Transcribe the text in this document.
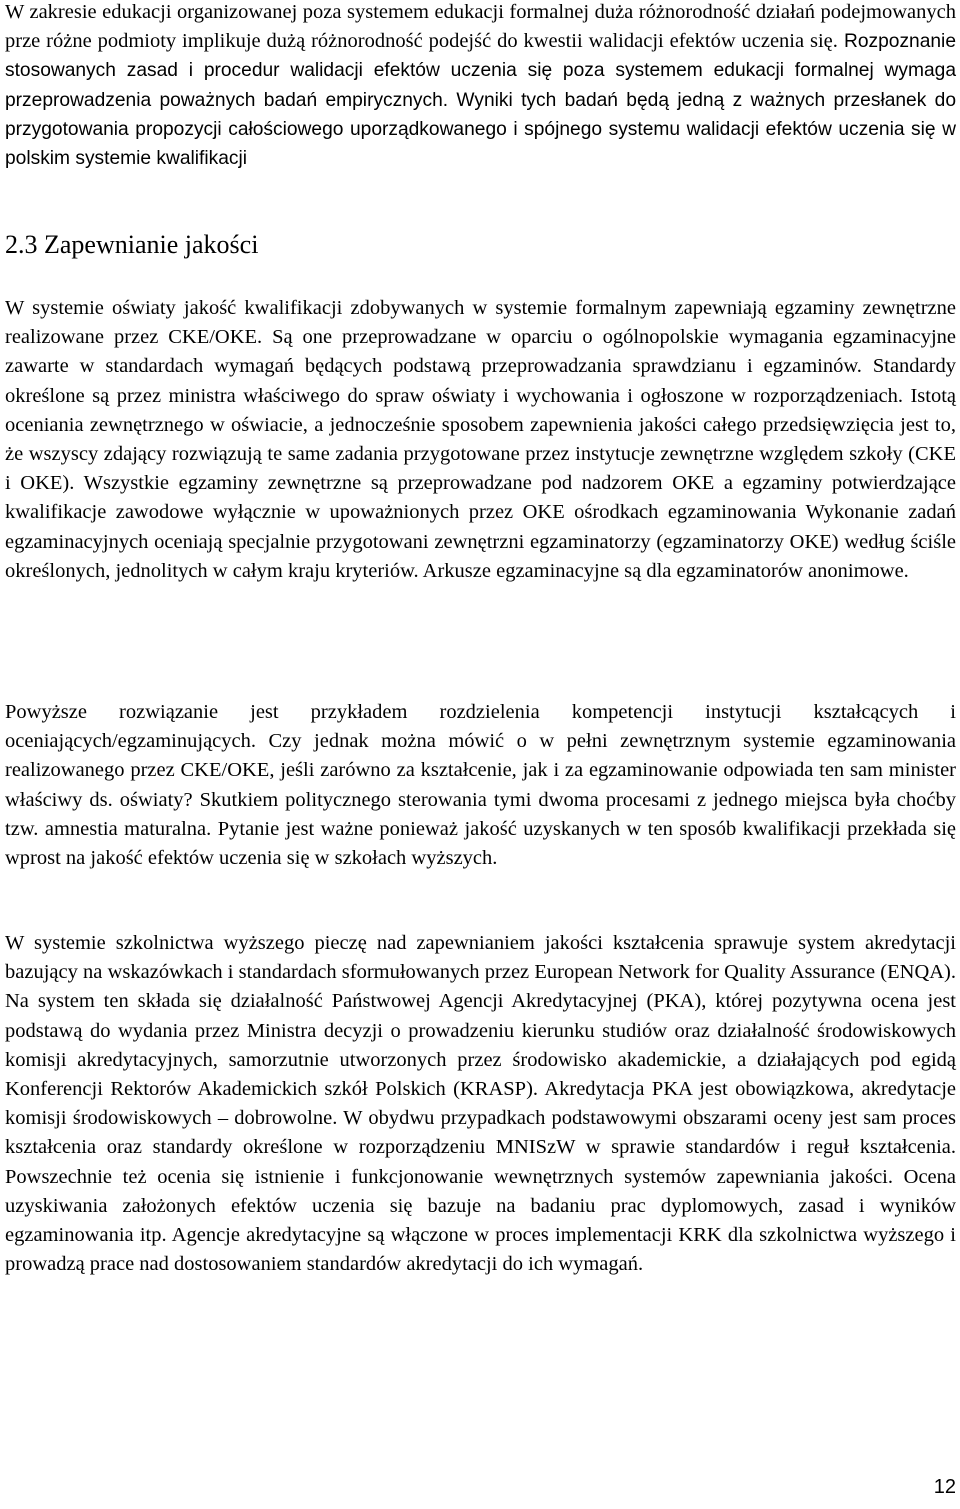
W zakresie edukacji organizowanej poza systemem edukacji formalnej duża różnorodność działań podejmowanych prze różne podmioty implikuje dużą różnorodność podejść do kwestii walidacji efektów uczenia się. Rozpoznanie stosowanych zasad i procedur walidacji efektów uczenia się poza systemem edukacji formalnej wymaga przeprowadzenia poważnych badań empirycznych. Wyniki tych badań będą jedną z ważnych przesłanek do przygotowania propozycji całościowego uporządkowanego i spójnego systemu walidacji efektów uczenia się w polskim systemie kwalifikacji

2.3 Zapewnianie jakości

W systemie oświaty jakość kwalifikacji zdobywanych w systemie formalnym zapewniają egzaminy zewnętrzne realizowane przez CKE/OKE. Są one przeprowadzane w oparciu o ogólnopolskie wymagania egzaminacyjne zawarte w standardach wymagań będących podstawą przeprowadzania sprawdzianu i egzaminów. Standardy określone są przez ministra właściwego do spraw oświaty i wychowania i ogłoszone w rozporządzeniach. Istotą oceniania zewnętrznego w oświacie, a jednocześnie sposobem zapewnienia jakości całego przedsięwzięcia jest to, że wszyscy zdający rozwiązują te same zadania przygotowane przez instytucje zewnętrzne względem szkoły (CKE i OKE). Wszystkie egzaminy zewnętrzne są przeprowadzane pod nadzorem OKE a egzaminy potwierdzające kwalifikacje zawodowe wyłącznie w upoważnionych przez OKE ośrodkach egzaminowania Wykonanie zadań egzaminacyjnych oceniają specjalnie przygotowani zewnętrzni egzaminatorzy (egzaminatorzy OKE) według ściśle określonych, jednolitych w całym kraju kryteriów. Arkusze egzaminacyjne są dla egzaminatorów anonimowe.

Powyższe rozwiązanie jest przykładem rozdzielenia kompetencji instytucji kształcących i oceniających/egzaminujących. Czy jednak można mówić o w pełni zewnętrznym systemie egzaminowania realizowanego przez CKE/OKE, jeśli zarówno za kształcenie, jak i za egzaminowanie odpowiada ten sam minister właściwy ds. oświaty? Skutkiem politycznego sterowania tymi dwoma procesami z jednego miejsca była choćby tzw. amnestia maturalna. Pytanie jest ważne ponieważ jakość uzyskanych w ten sposób kwalifikacji przekłada się wprost na jakość efektów uczenia się w szkołach wyższych.

W systemie szkolnictwa wyższego pieczę nad zapewnianiem jakości kształcenia sprawuje system akredytacji bazujący na wskazówkach i standardach sformułowanych przez European Network for Quality Assurance (ENQA). Na system ten składa się działalność Państwowej Agencji Akredytacyjnej (PKA), której pozytywna ocena jest podstawą do wydania przez Ministra decyzji o prowadzeniu kierunku studiów oraz działalność środowiskowych komisji akredytacyjnych, samorzutnie utworzonych przez środowisko akademickie, a działających pod egidą Konferencji Rektorów Akademickich szkół Polskich (KRASP). Akredytacja PKA jest obowiązkowa, akredytacje komisji środowiskowych – dobrowolne. W obydwu przypadkach podstawowymi obszarami oceny jest sam proces kształcenia oraz standardy określone w rozporządzeniu MNISzW w sprawie standardów i reguł kształcenia. Powszechnie też ocenia się istnienie i funkcjonowanie wewnętrznych systemów zapewniania jakości. Ocena uzyskiwania założonych efektów uczenia się bazuje na badaniu prac dyplomowych, zasad i wyników egzaminowania itp. Agencje akredytacyjne są włączone w proces implementacji KRK dla szkolnictwa wyższego i prowadzą prace nad dostosowaniem standardów akredytacji do ich wymagań.

12
